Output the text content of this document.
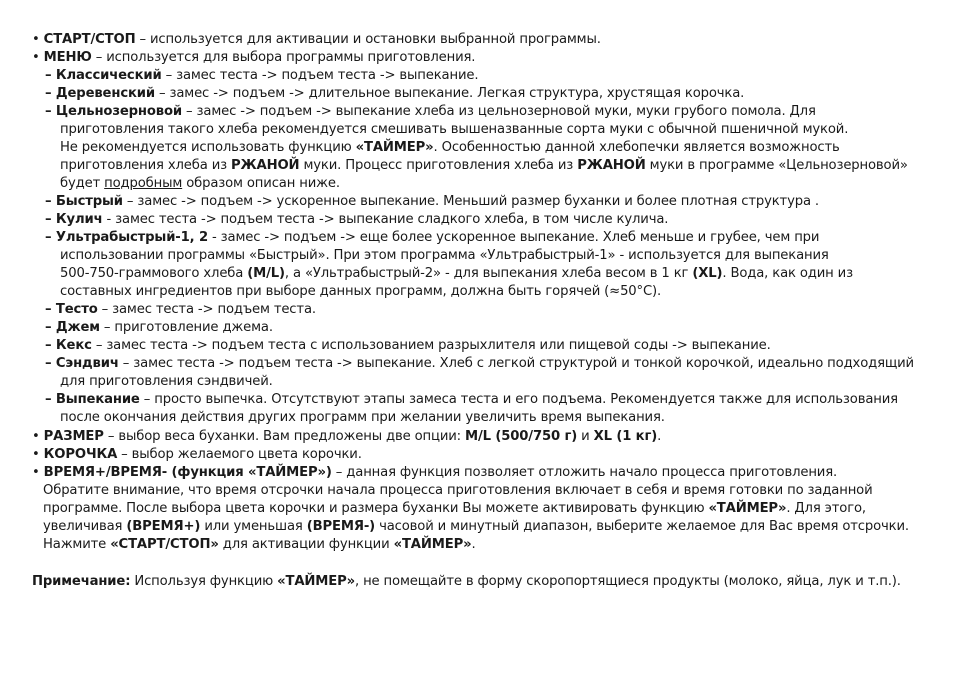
• СТАРТ/СТОП – используется для активации и остановки выбранной программы.
• МЕНЮ – используется для выбора программы приготовления.
– Классический – замес теста -> подъем теста -> выпекание.
– Деревенский – замес -> подъем -> длительное выпекание. Легкая структура, хрустящая корочка.
– Цельнозерновой – замес -> подъем -> выпекание хлеба из цельнозерновой муки, муки грубого помола. Для
приготовления такого хлеба рекомендуется смешивать вышеназванные сорта муки с обычной пшеничной мукой.
Не рекомендуется использовать функцию «ТАЙМЕР». Особенностью данной хлебопечки является возможность
приготовления хлеба из РЖАНОЙ муки. Процесс приготовления хлеба из РЖАНОЙ муки в программе «Цельнозерновой»
будет подробным образом описан ниже.
– Быстрый – замес -> подъем -> ускоренное выпекание. Меньший размер буханки и более плотная структура .
– Кулич - замес теста -> подъем теста -> выпекание сладкого хлеба, в том числе кулича.
– Ультрабыстрый-1, 2 - замес -> подъем -> еще более ускоренное выпекание. Хлеб меньше и грубее, чем при
использовании программы «Быстрый». При этом программа «Ультрабыстрый-1» - используется для выпекания
500-750-граммового хлеба (M/L), а «Ультрабыстрый-2» - для выпекания хлеба весом в 1 кг (XL). Вода, как один из
составных ингредиентов при выборе данных программ, должна быть горячей (≈50°C).
– Тесто – замес теста -> подъем теста.
– Джем – приготовление джема.
– Кекс – замес теста -> подъем теста с использованием разрыхлителя или пищевой соды -> выпекание.
– Сэндвич – замес теста -> подъем теста -> выпекание. Хлеб с легкой структурой и тонкой корочкой, идеально подходящий
для приготовления сэндвичей.
– Выпекание – просто выпечка. Отсутствуют этапы замеса теста и его подъема. Рекомендуется также для использования
после окончания действия других программ при желании увеличить время выпекания.
• РАЗМЕР – выбор веса буханки. Вам предложены две опции: M/L (500/750 г) и XL (1 кг).
• КОРОЧКА – выбор желаемого цвета корочки.
• ВРЕМЯ+/ВРЕМЯ- (функция «ТАЙМЕР») – данная функция позволяет отложить начало процесса приготовления.
Обратите внимание, что время отсрочки начала процесса приготовления включает в себя и время готовки по заданной
программе. После выбора цвета корочки и размера буханки Вы можете активировать функцию «ТАЙМЕР». Для этого,
увеличивая (ВРЕМЯ+) или уменьшая (ВРЕМЯ-) часовой и минутный диапазон, выберите желаемое для Вас время отсрочки.
Нажмите «СТАРТ/СТОП» для активации функции «ТАЙМЕР».
Примечание: Используя функцию «ТАЙМЕР», не помещайте в форму скоропортящиеся продукты (молоко, яйца, лук и т.п.).
